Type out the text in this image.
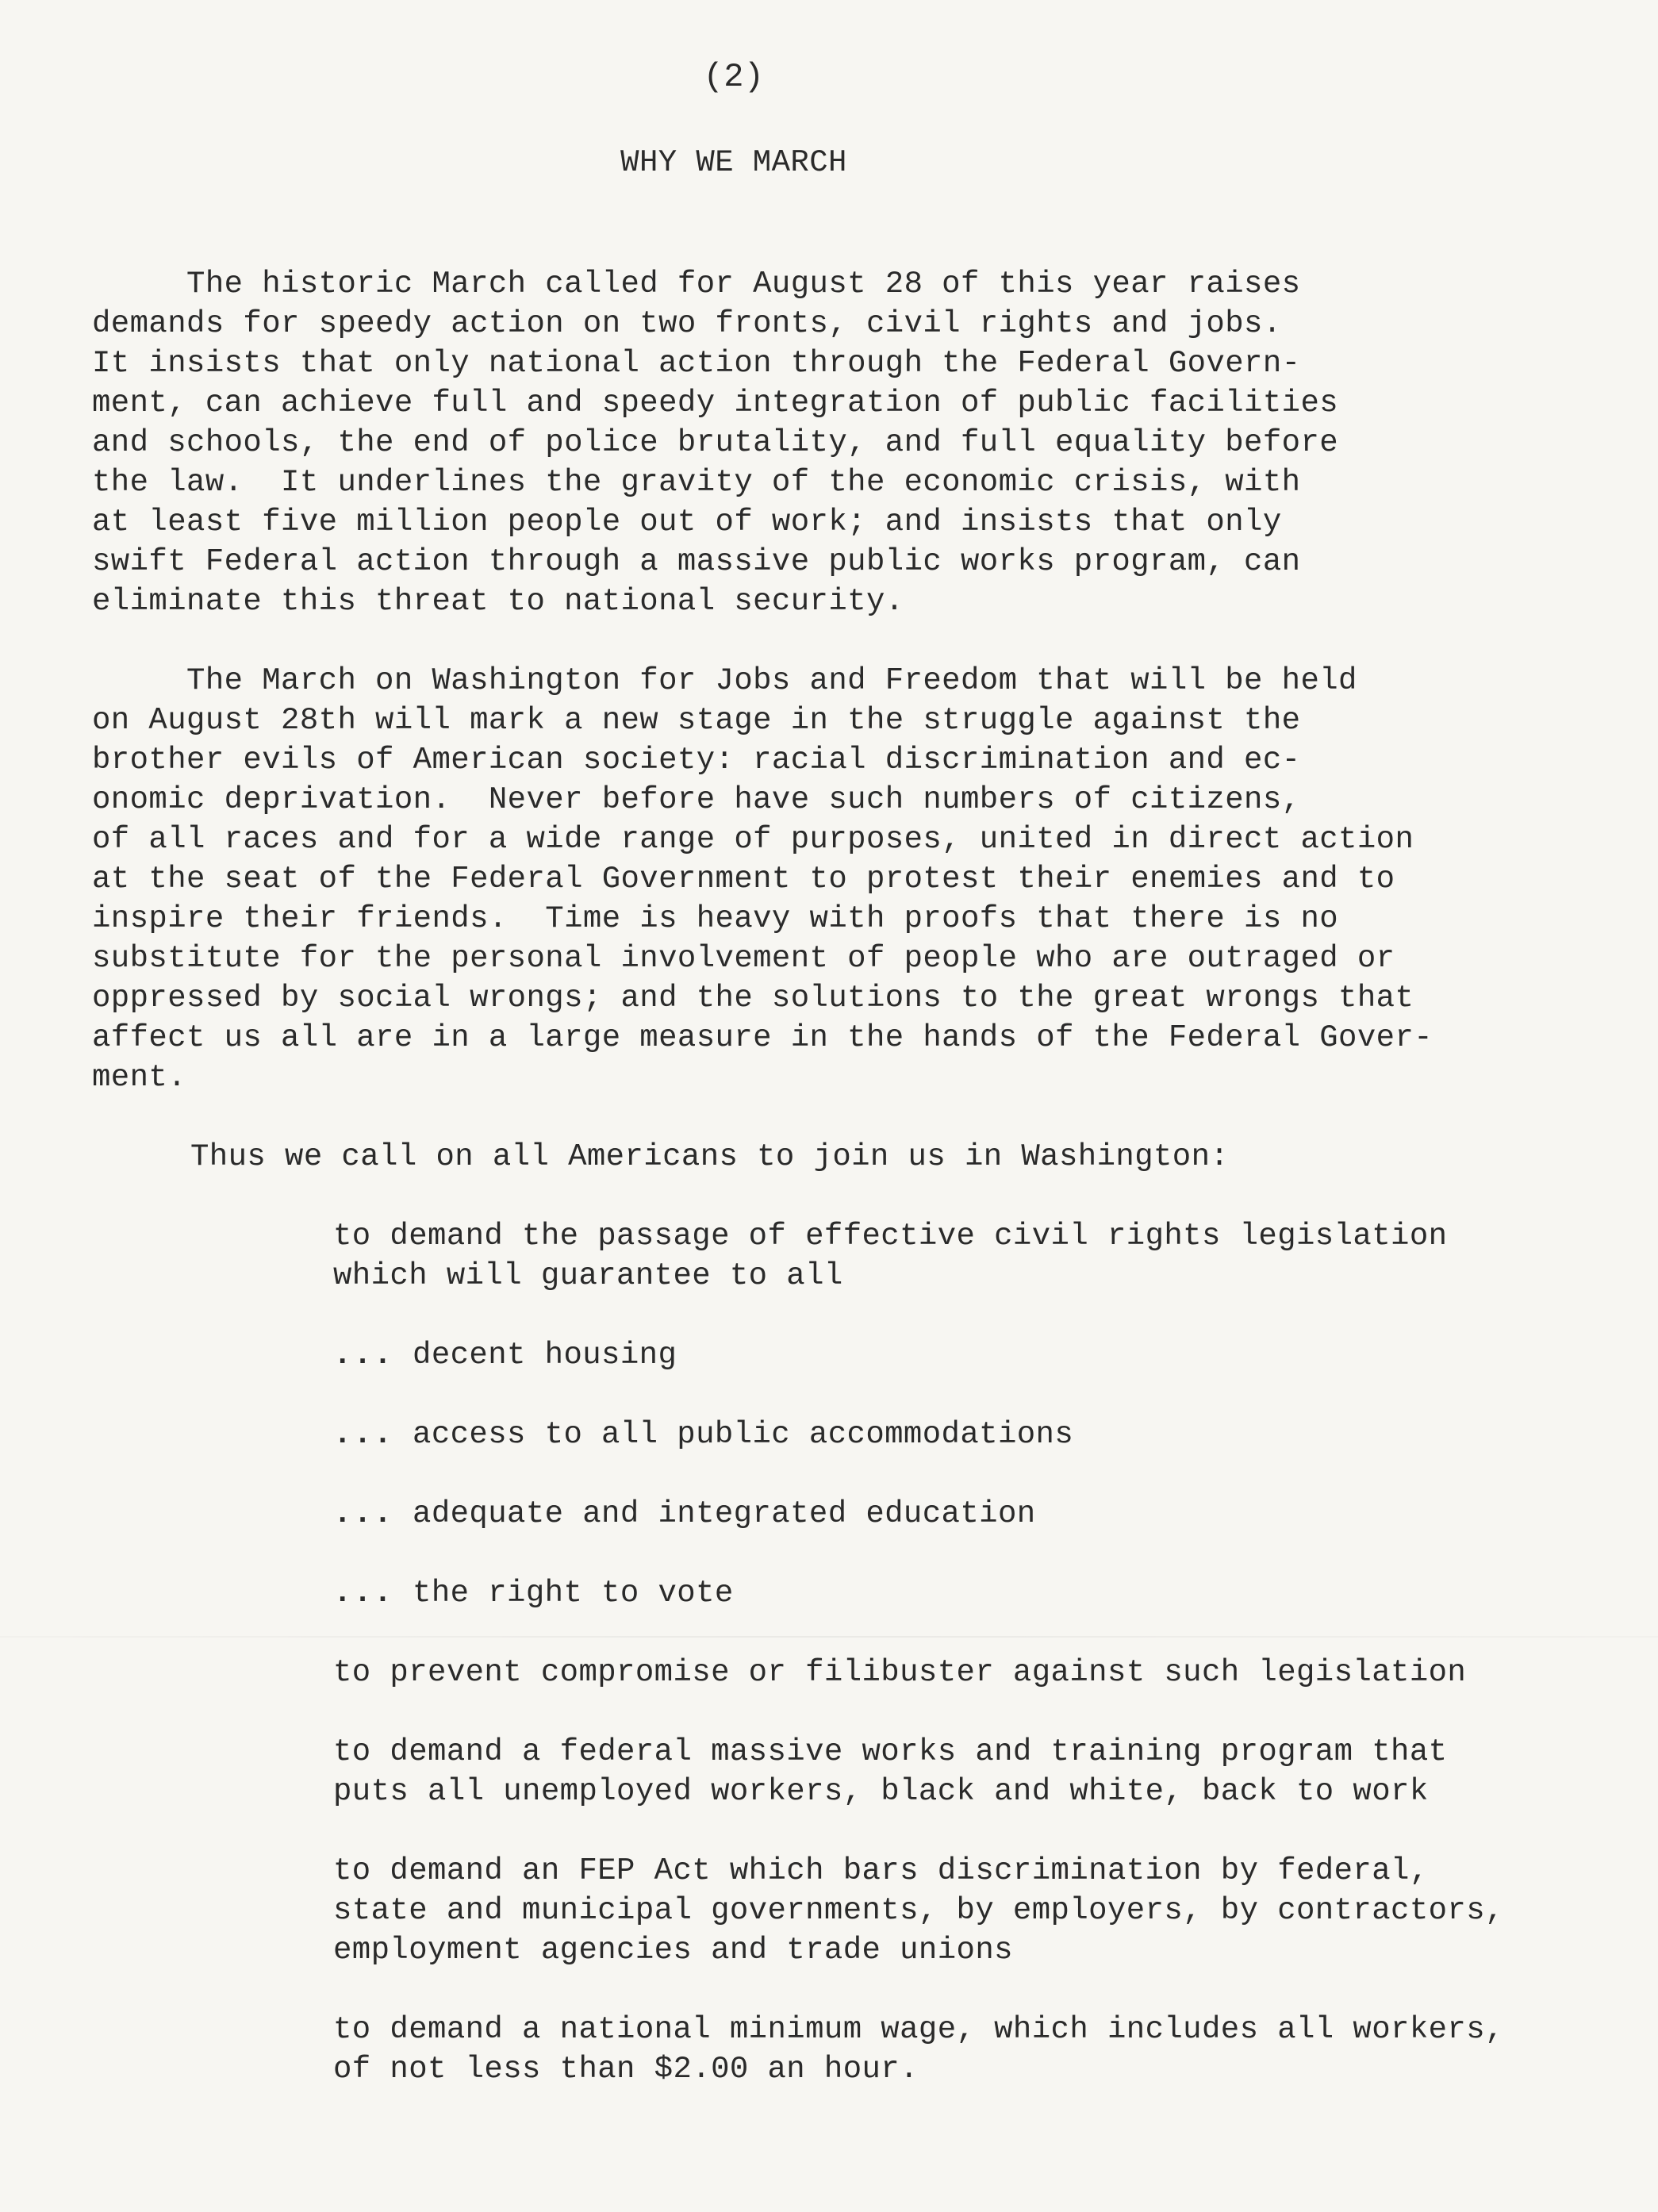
(2)
WHY WE MARCH

The historic March called for August 28 of this year raises

demands for speedy action on two fronts, civil rights and jobs.

It insists that only national action through the Federal Govern-

ment, can achieve full and speedy integration of public facilities

and schools, the end of police brutality, and full equality before

the law.  It underlines the gravity of the economic crisis, with

at least five million people out of work; and insists that only

swift Federal action through a massive public works program, can

eliminate this threat to national security.

The March on Washington for Jobs and Freedom that will be held

on August 28th will mark a new stage in the struggle against the

brother evils of American society: racial discrimination and ec-

onomic deprivation.  Never before have such numbers of citizens,

of all races and for a wide range of purposes, united in direct action

at the seat of the Federal Government to protest their enemies and to

inspire their friends.  Time is heavy with proofs that there is no

substitute for the personal involvement of people who are outraged or

oppressed by social wrongs; and the solutions to the great wrongs that

affect us all are in a large measure in the hands of the Federal Gover-

ment.

Thus we call on all Americans to join us in Washington:

to demand the passage of effective civil rights legislation

which will guarantee to all

... decent housing

... access to all public accommodations

... adequate and integrated education

... the right to vote

to prevent compromise or filibuster against such legislation

to demand a federal massive works and training program that

puts all unemployed workers, black and white, back to work

to demand an FEP Act which bars discrimination by federal,

state and municipal governments, by employers, by contractors,

employment agencies and trade unions

to demand a national minimum wage, which includes all workers,

of not less than $2.00 an hour.
